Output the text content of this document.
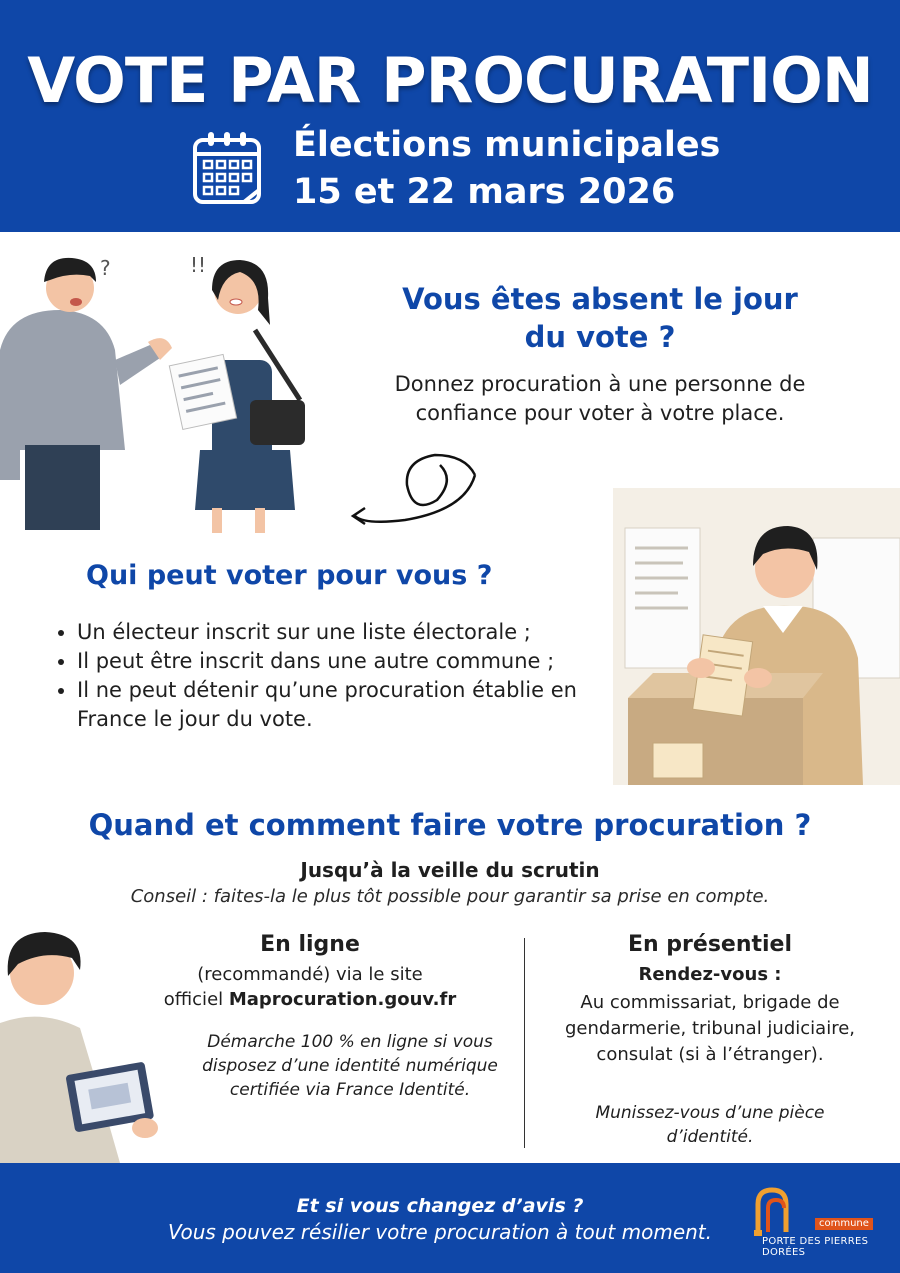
VOTE PAR PROCURATION
Élections municipales
15 et 22 mars 2026
?	!!
Vous êtes absent le jour du vote ?
Donnez procuration à une personne de confiance pour voter à votre place.
Qui peut voter pour vous ?
• Un électeur inscrit sur une liste électorale ;
• Il peut être inscrit dans une autre commune ;
• Il ne peut détenir qu’une procuration établie en France le jour du vote.
Quand et comment faire votre procuration ?
Jusqu’à la veille du scrutin
Conseil : faites-la le plus tôt possible pour garantir sa prise en compte.
En ligne
(recommandé) via le site
officiel Maprocuration.gouv.fr
Démarche 100 % en ligne si vous disposez d’une identité numérique certifiée via France Identité.
En présentiel
Rendez-vous :
Au commissariat, brigade de gendarmerie, tribunal judiciaire, consulat (si à l’étranger).
Munissez-vous d’une pièce d’identité.
Et si vous changez d’avis ?
Vous pouvez résilier votre procuration à tout moment.	commune
PORTE DES PIERRES DORÉES
